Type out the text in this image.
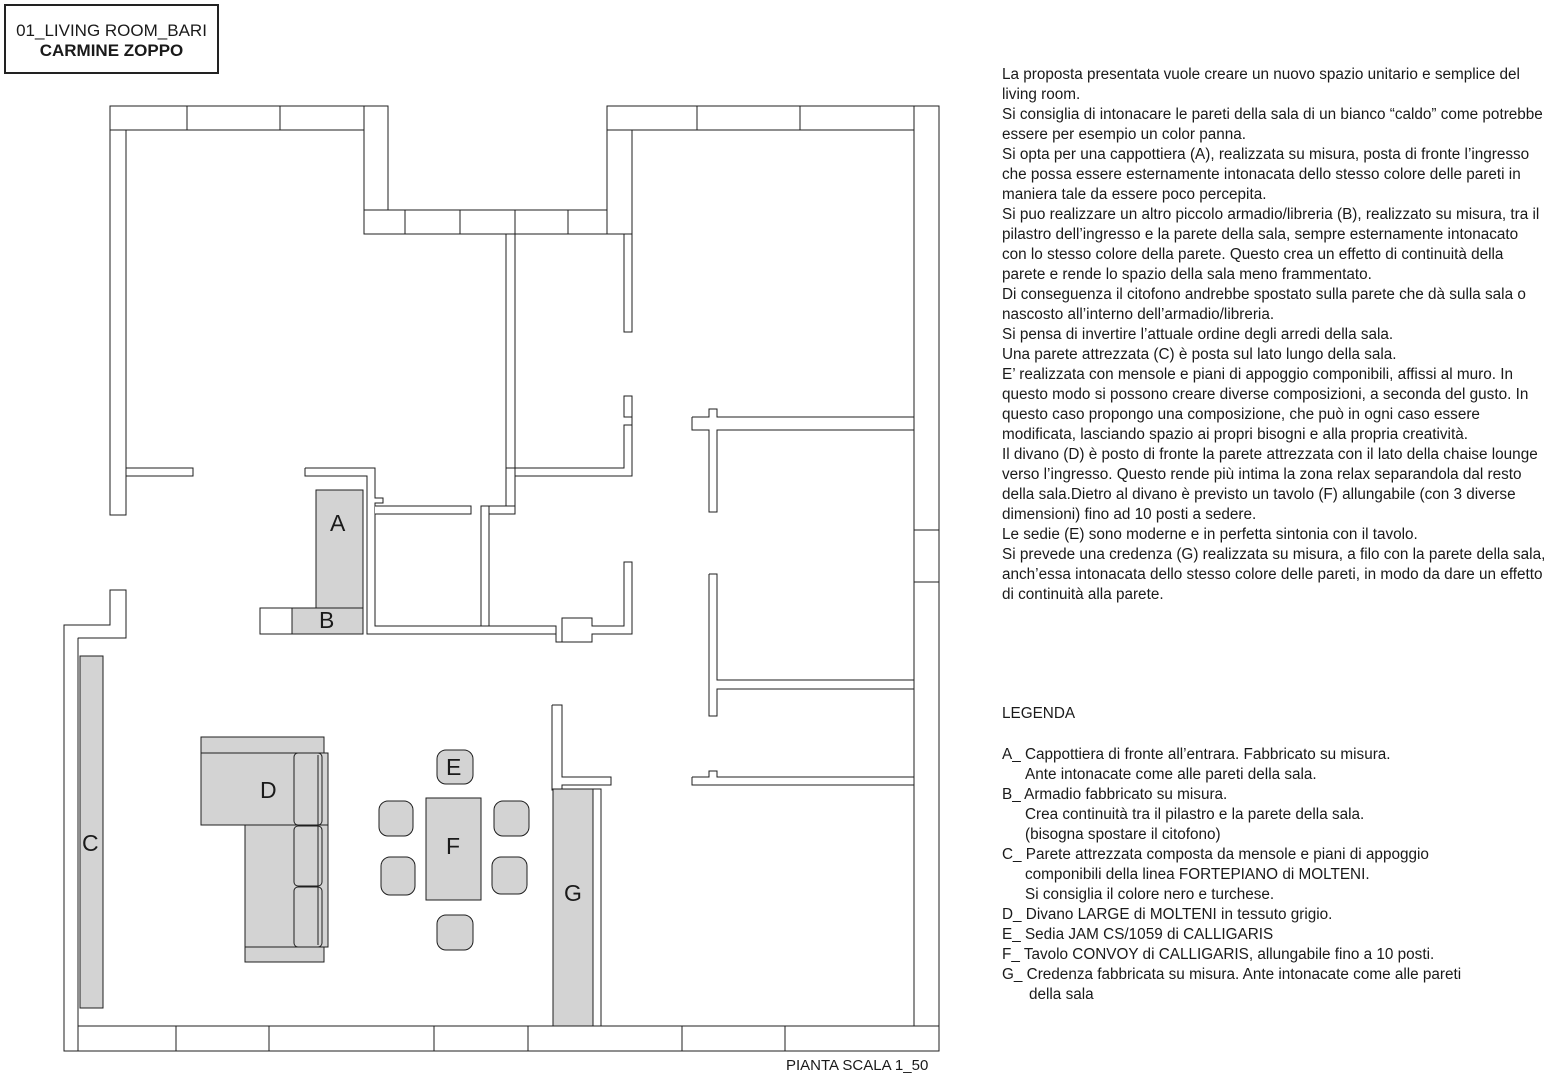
01_LIVING ROOM_BARI
CARMINE ZOPPO
A
B
C
D
E
F
G
PIANTA SCALA 1_50

La proposta presentata vuole creare un nuovo spazio unitario e semplice del living room.

Si consiglia di intonacare le pareti della sala di un bianco “caldo” come potrebbe essere per esempio un color panna.

Si opta per una cappottiera (A), realizzata su misura, posta di fronte l’ingresso che possa essere esternamente intonacata dello stesso colore delle pareti in maniera tale da essere poco percepita.

Si puo realizzare un altro piccolo armadio/libreria (B), realizzato su misura, tra il pilastro dell’ingresso e la parete della sala, sempre esternamente intonacato con lo stesso colore della parete. Questo crea un effetto di continuità della parete e rende lo spazio della sala meno frammentato.

Di conseguenza il citofono andrebbe spostato sulla parete che dà sulla sala o nascosto all’interno dell’armadio/libreria.

Si pensa di invertire l’attuale ordine degli arredi della sala.

Una parete attrezzata (C) è posta sul lato lungo della sala.

E’ realizzata con mensole e piani di appoggio componibili, affissi al muro. In questo modo si possono creare diverse composizioni, a seconda del gusto. In questo caso propongo una composizione, che può in ogni caso essere modificata, lasciando spazio ai propri bisogni e alla propria creatività.

Il divano (D) è posto di fronte la parete attrezzata con il lato della chaise lounge verso l’ingresso. Questo rende più intima la zona relax separandola dal resto della sala.Dietro al divano è previsto un tavolo (F) allungabile (con 3 diverse dimensioni) fino ad 10 posti a sedere.

Le sedie (E) sono moderne e in perfetta sintonia con il tavolo.

Si prevede una credenza (G) realizzata su misura, a filo con la parete della sala, anch’essa intonacata dello stesso colore delle pareti, in modo da dare un effetto di continuità alla parete.

LEGENDA
A_ Cappottiera di fronte all’entrara. Fabbricato su misura.
Ante intonacate come alle pareti della sala.
B_ Armadio fabbricato su misura.
Crea continuità tra il pilastro e la parete della sala.
(bisogna spostare il citofono)
C_ Parete attrezzata composta da mensole e piani di appoggio
componibili della linea FORTEPIANO di MOLTENI.
Si consiglia il colore nero e turchese.
D_ Divano LARGE di MOLTENI in tessuto grigio.
E_ Sedia JAM CS/1059 di CALLIGARIS
F_ Tavolo CONVOY di CALLIGARIS, allungabile fino a 10 posti.
G_ Credenza fabbricata su misura. Ante intonacate come alle pareti
della sala
